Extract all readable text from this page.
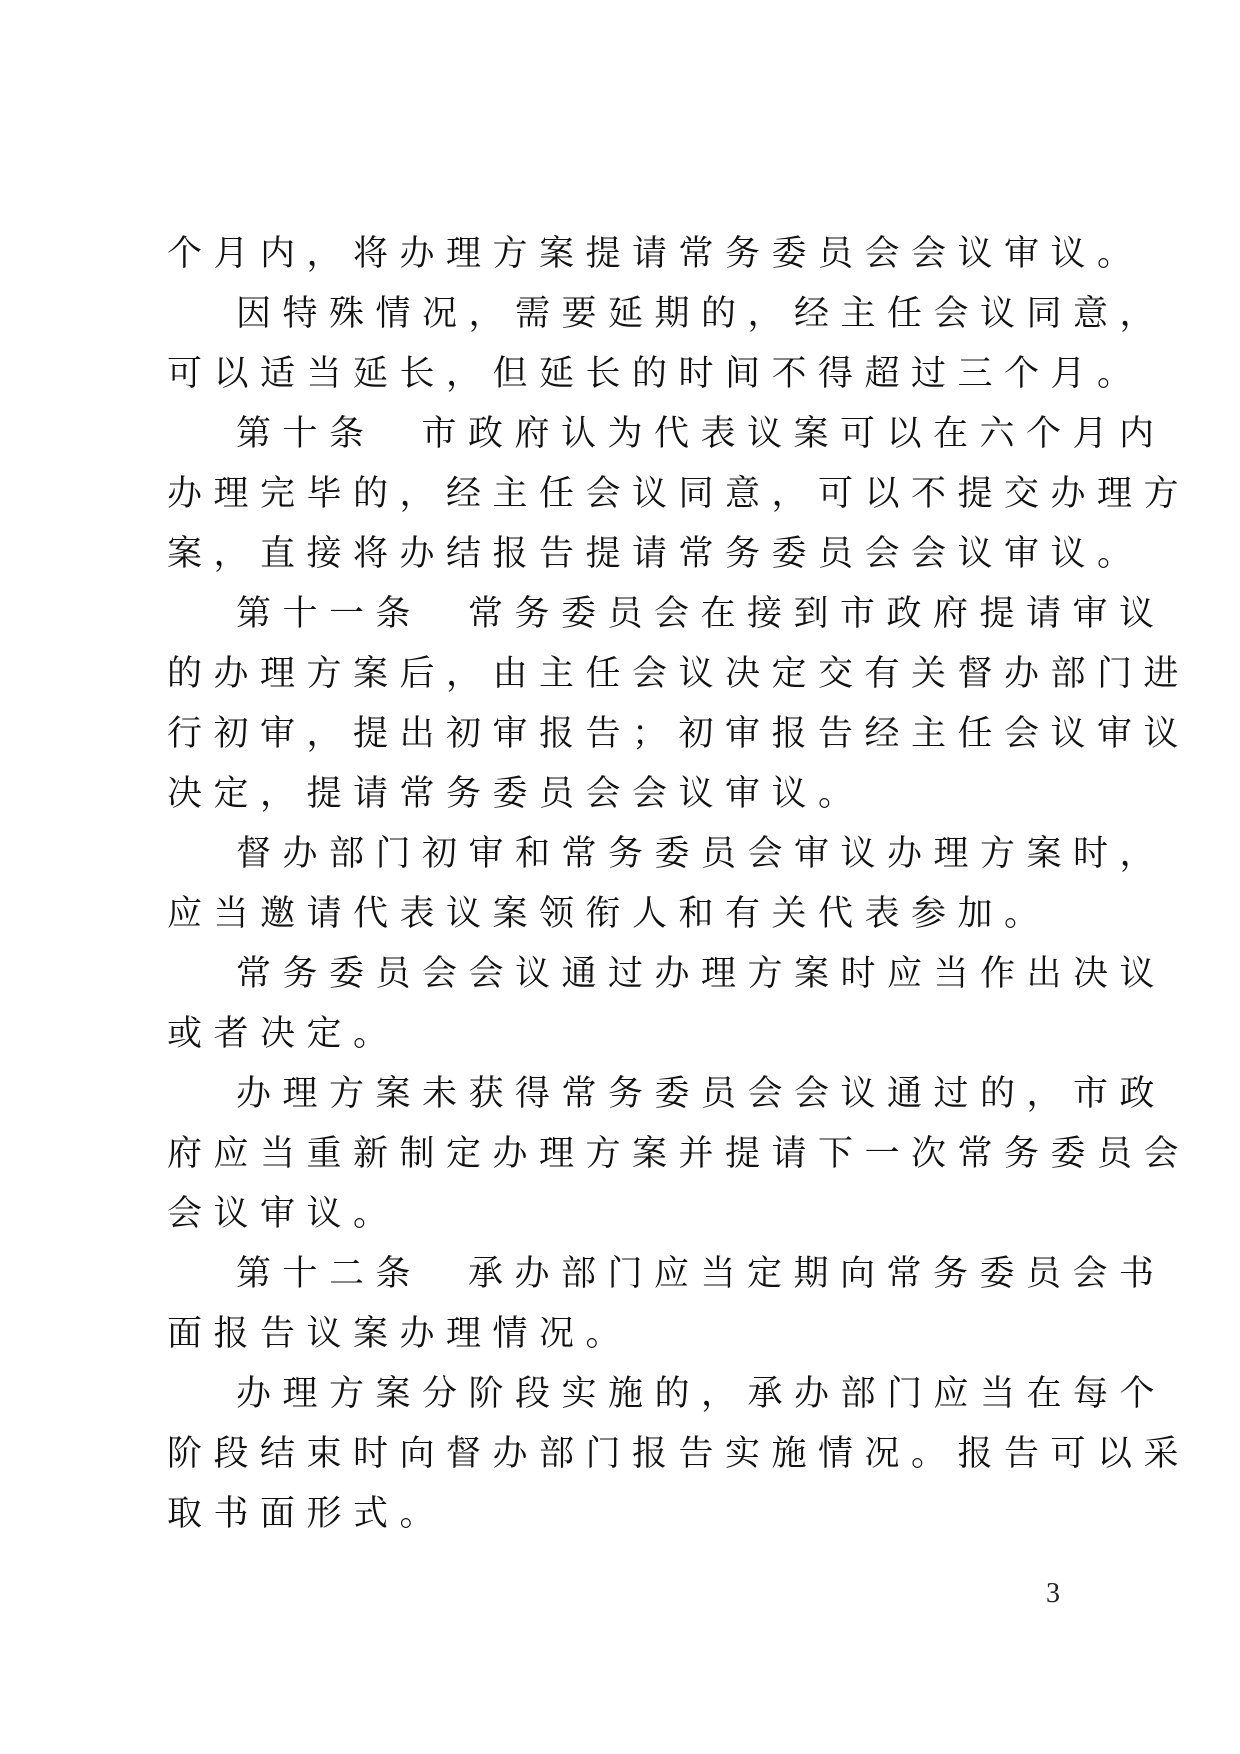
个月内，将办理方案提请常务委员会会议审议。
因特殊情况，需要延期的，经主任会议同意，
可以适当延长，但延长的时间不得超过三个月。
第十条 市政府认为代表议案可以在六个月内
办理完毕的，经主任会议同意，可以不提交办理方
案，直接将办结报告提请常务委员会会议审议。
第十一条 常务委员会在接到市政府提请审议
的办理方案后，由主任会议决定交有关督办部门进
行初审，提出初审报告；初审报告经主任会议审议
决定，提请常务委员会会议审议。
督办部门初审和常务委员会审议办理方案时，
应当邀请代表议案领衔人和有关代表参加。
常务委员会会议通过办理方案时应当作出决议
或者决定。
办理方案未获得常务委员会会议通过的，市政
府应当重新制定办理方案并提请下一次常务委员会
会议审议。
第十二条 承办部门应当定期向常务委员会书
面报告议案办理情况。
办理方案分阶段实施的，承办部门应当在每个
阶段结束时向督办部门报告实施情况。报告可以采
取书面形式。
3
